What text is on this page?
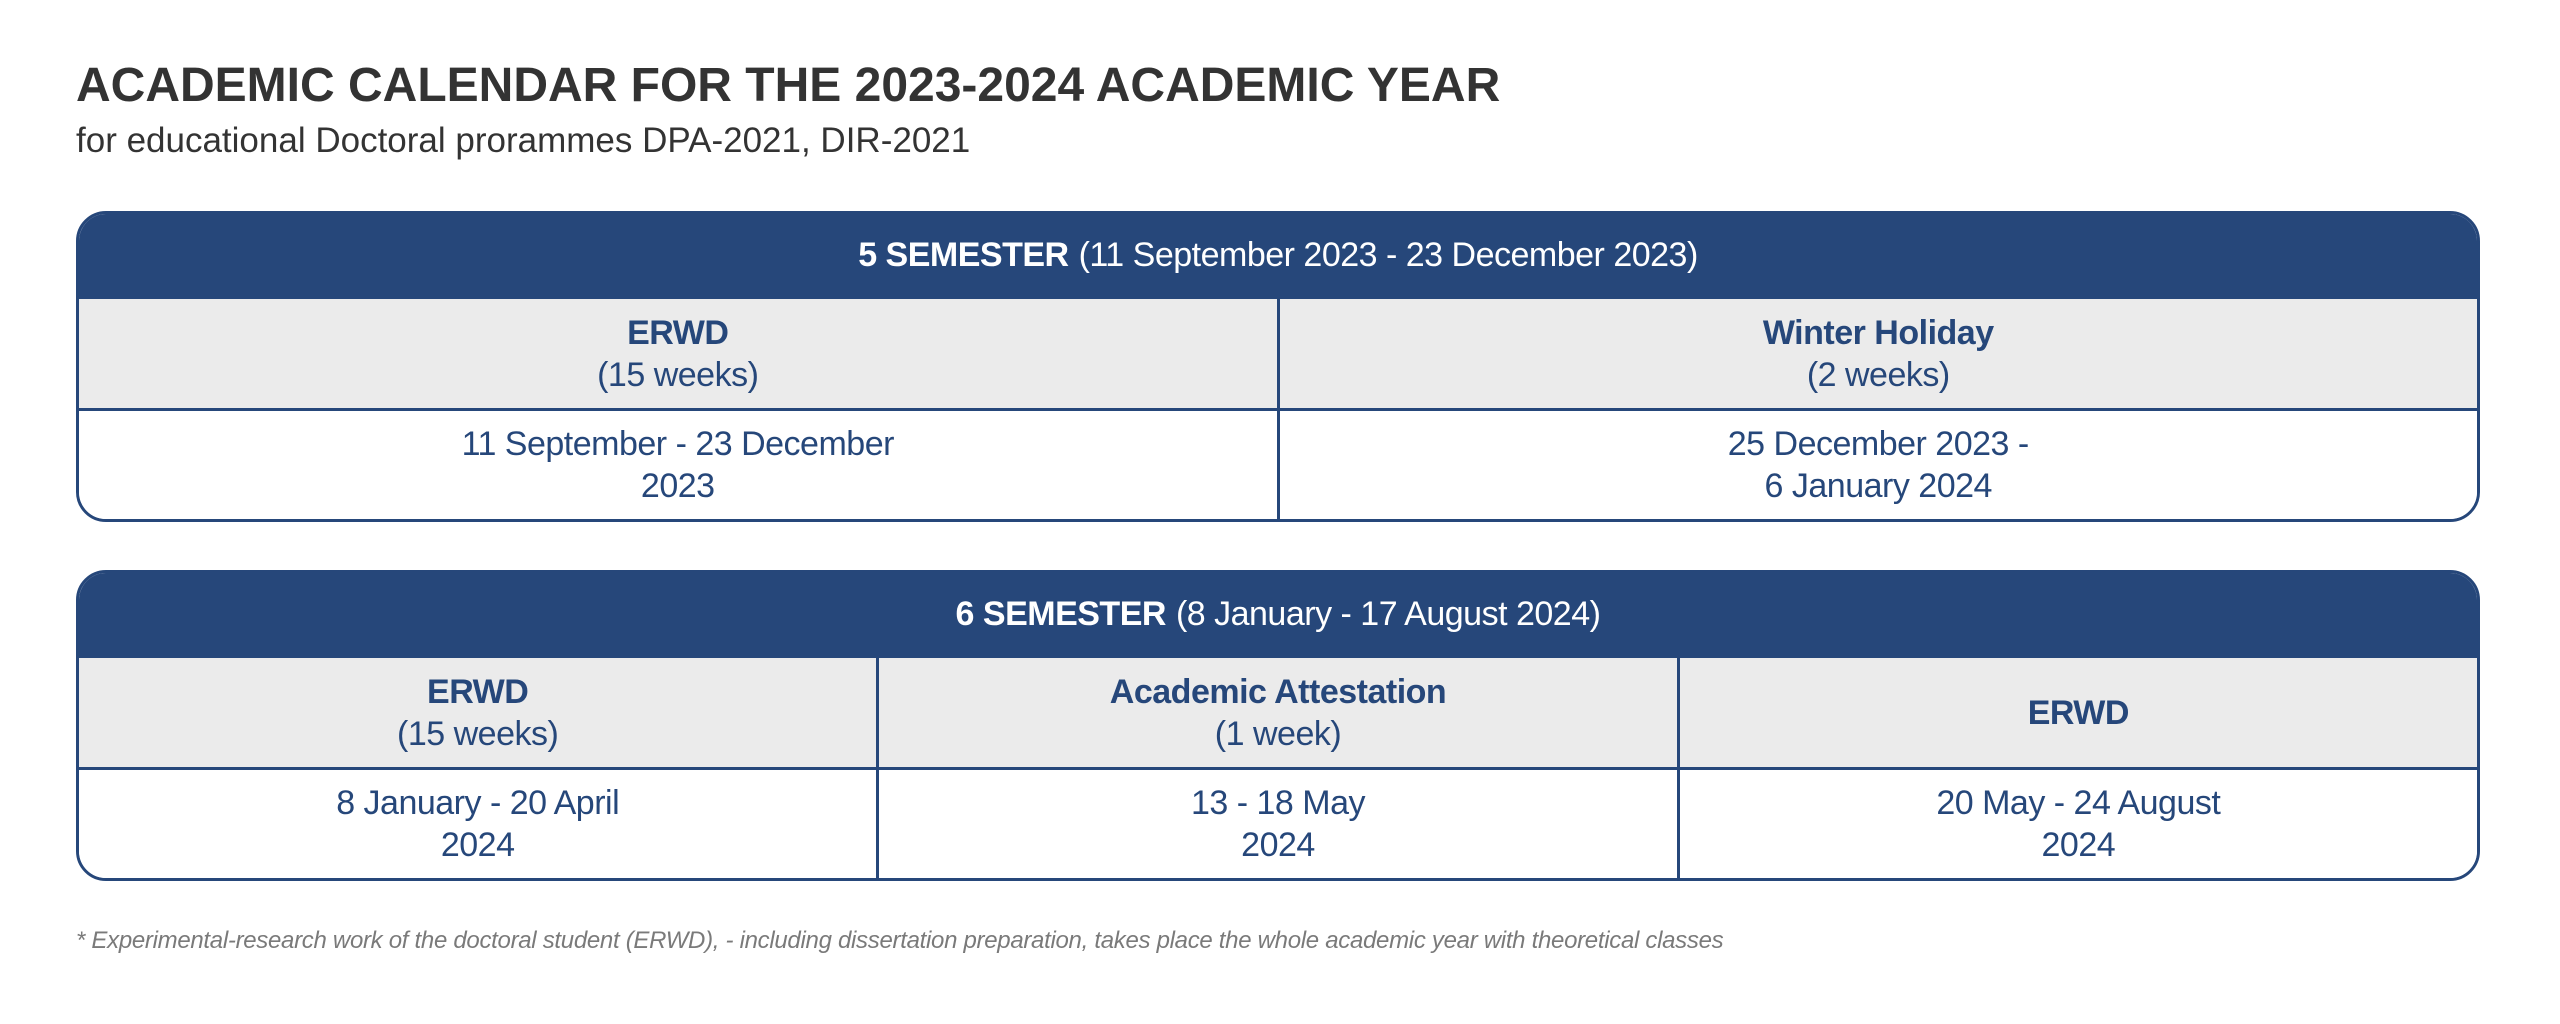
ACADEMIC CALENDAR FOR THE 2023-2024 ACADEMIC YEAR

for educational Doctoral prorammes DPA-2021, DIR-2021

5 SEMESTER (11 September 2023 - 23 December 2023)
ERWD
(15 weeks)
Winter Holiday
(2 weeks)
11 September - 23 December
2023
25 December 2023 -
6 January 2024
6 SEMESTER (8 January - 17 August 2024)
ERWD
(15 weeks)
Academic Attestation
(1 week)
ERWD
8 January - 20 April
2024
13 - 18 May
2024
20 May - 24 August
2024

* Experimental-research work of the doctoral student (ERWD), - including dissertation preparation, takes place the whole academic year with theoretical classes
